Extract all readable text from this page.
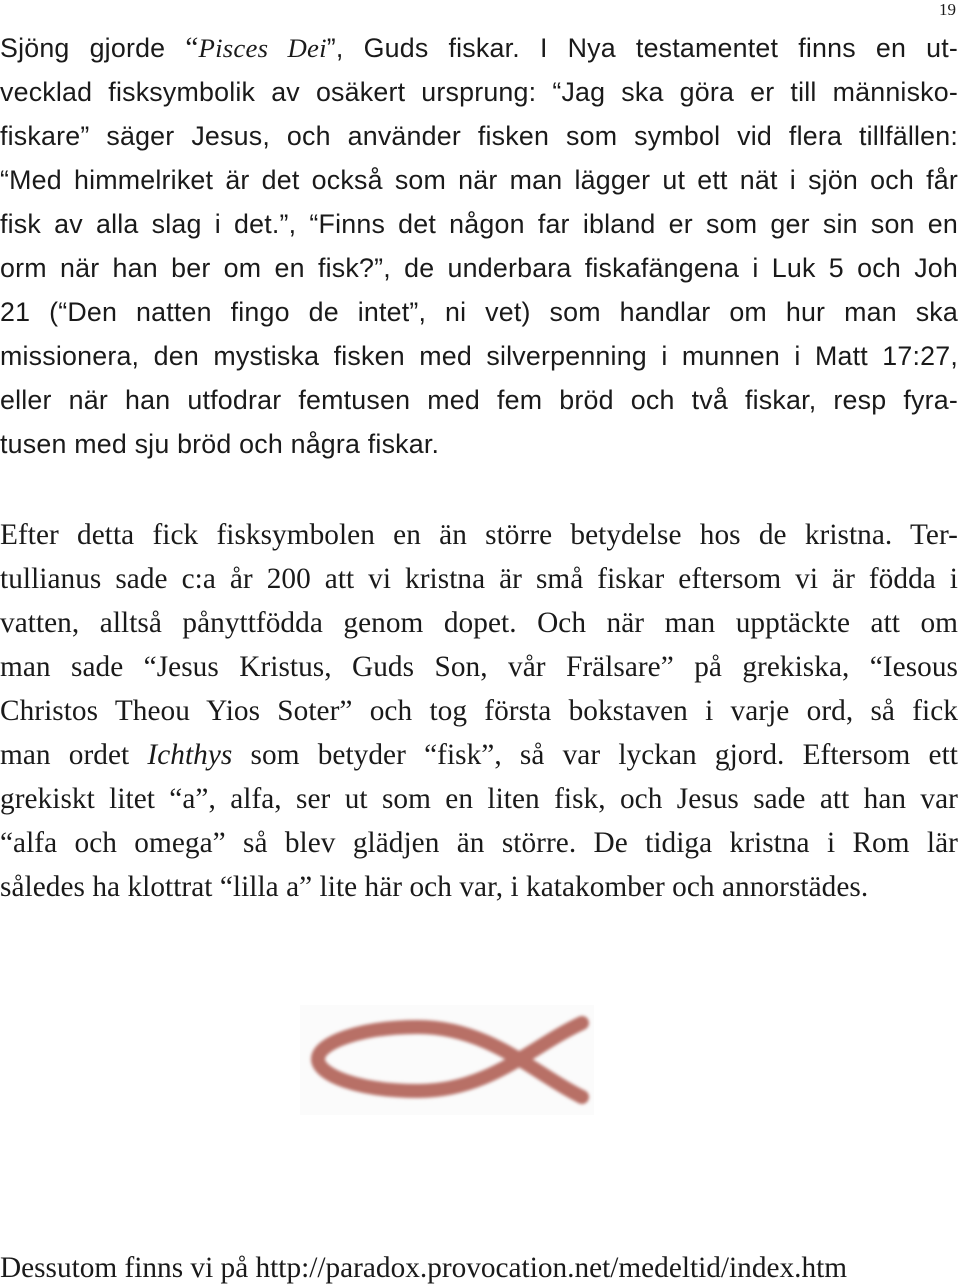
19
Sjöng gjorde “Pisces Dei”, Guds fiskar. I Nya testamentet finns en ut-
vecklad fisksymbolik av osäkert ursprung: “Jag ska göra er till människo-
fiskare” säger Jesus, och använder fisken som symbol vid flera tillfällen:
“Med himmelriket är det också som när man lägger ut ett nät i sjön och får
fisk av alla slag i det.”, “Finns det någon far ibland er som ger sin son en
orm när han ber om en fisk?”, de underbara fiskafängena i Luk 5 och Joh
21 (“Den natten fingo de intet”, ni vet) som handlar om hur man ska
missionera, den mystiska fisken med silverpenning i munnen i Matt 17:27,
eller när han utfodrar femtusen med fem bröd och två fiskar, resp fyra-
tusen med sju bröd och några fiskar.
Efter detta fick fisksymbolen en än större betydelse hos de kristna. Ter-
tullianus sade c:a år 200 att vi kristna är små fiskar eftersom vi är födda i
vatten, alltså pånyttfödda genom dopet. Och när man upptäckte att om
man sade “Jesus Kristus, Guds Son, vår Frälsare” på grekiska, “Iesous
Christos Theou Yios Soter” och tog första bokstaven i varje ord, så fick
man ordet Ichthys som betyder “fisk”, så var lyckan gjord. Eftersom ett
grekiskt litet “a”, alfa, ser ut som en liten fisk, och Jesus sade att han var
“alfa och omega” så blev glädjen än större. De tidiga kristna i Rom lär
således ha klottrat “lilla a” lite här och var, i katakomber och annorstädes.
Dessutom finns vi på http://paradox.provocation.net/medeltid/index.htm
